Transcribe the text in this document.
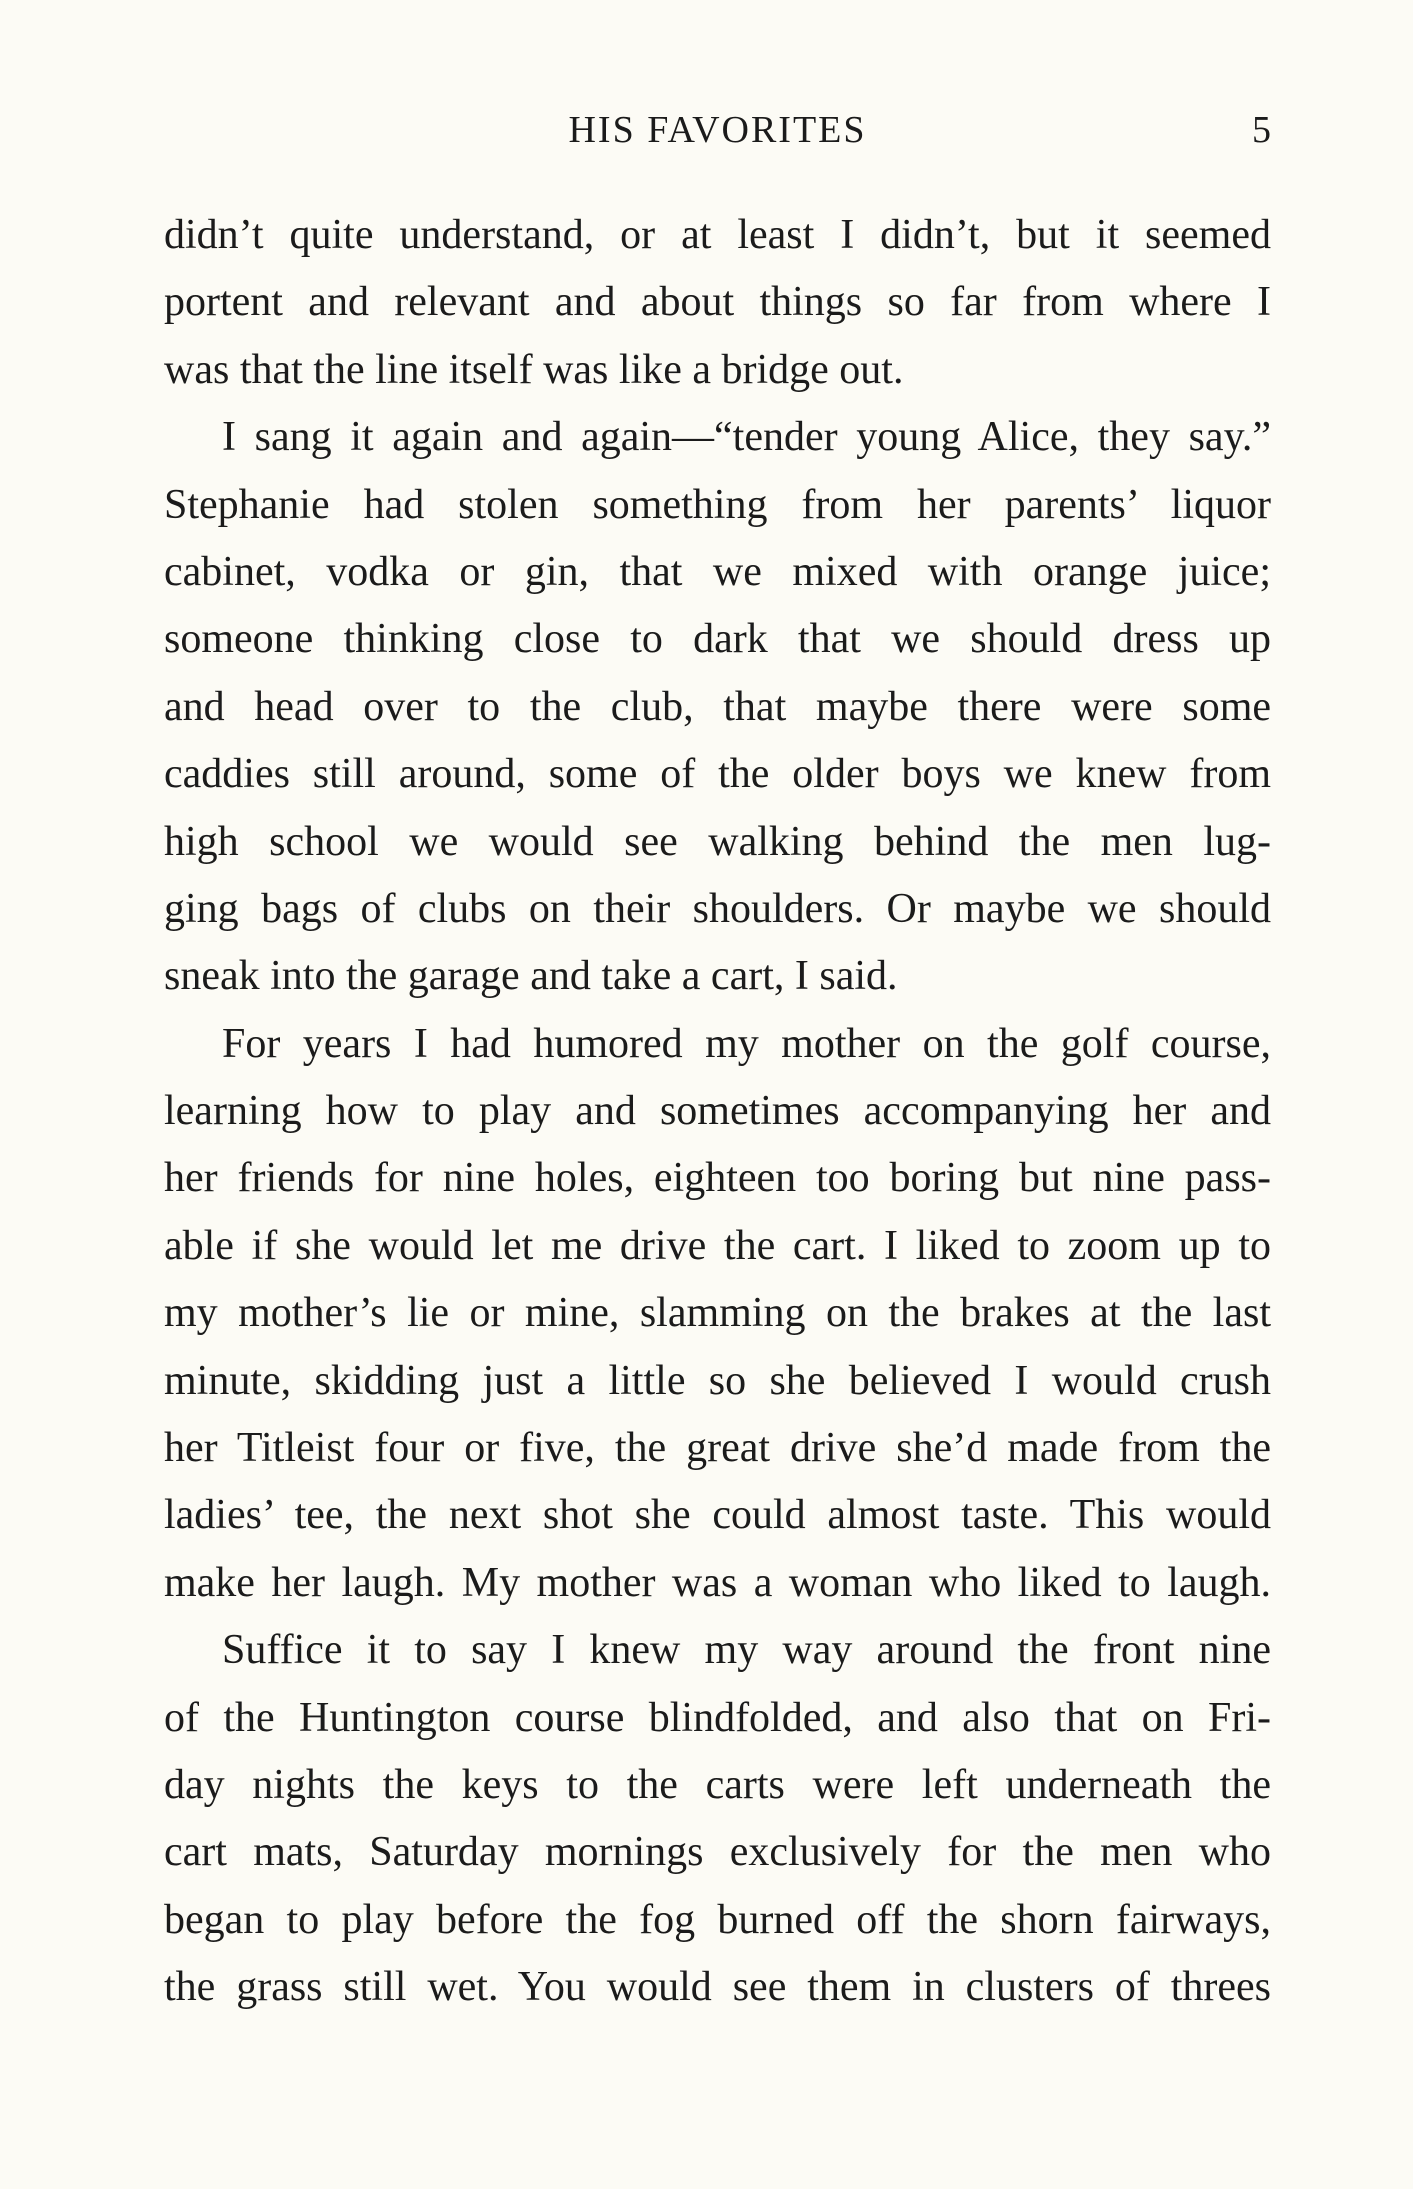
HIS FAVORITES	5
didn’t quite understand, or at least I didn’t, but it seemed
portent and relevant and about things so far from where I
was that the line itself was like a bridge out.
I sang it again and again—“tender young Alice, they say.”
Stephanie had stolen something from her parents’ liquor
cabinet, vodka or gin, that we mixed with orange juice;
someone thinking close to dark that we should dress up
and head over to the club, that maybe there were some
caddies still around, some of the older boys we knew from
high school we would see walking behind the men lug-
ging bags of clubs on their shoulders. Or maybe we should
sneak into the garage and take a cart, I said.
For years I had humored my mother on the golf course,
learning how to play and sometimes accompanying her and
her friends for nine holes, eighteen too boring but nine pass-
able if she would let me drive the cart. I liked to zoom up to
my mother’s lie or mine, slamming on the brakes at the last
minute, skidding just a little so she believed I would crush
her Titleist four or five, the great drive she’d made from the
ladies’ tee, the next shot she could almost taste. This would
make her laugh. My mother was a woman who liked to laugh.
Suffice it to say I knew my way around the front nine
of the Huntington course blindfolded, and also that on Fri-
day nights the keys to the carts were left underneath the
cart mats, Saturday mornings exclusively for the men who
began to play before the fog burned off the shorn fairways,
the grass still wet. You would see them in clusters of threes
